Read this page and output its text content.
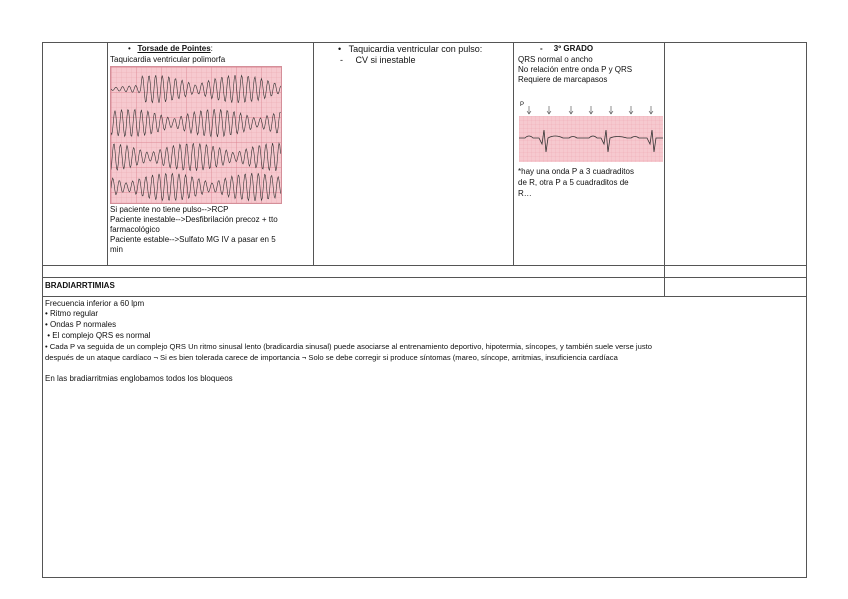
•   Torsade de Pointes:
Taquicardia ventricular polimorfa
Si paciente no tiene pulso-->RCP
Paciente inestable-->Desfibrilación precoz + tto
farmacológico
Paciente estable-->Sulfato MG IV a pasar en 5
min
•   Taquicardia ventricular con pulso:
-     CV si inestable
-     3º GRADO
QRS normal o ancho
No relación entre onda P y QRS
Requiere de marcapasos
P
*hay una onda P a 3 cuadraditos
de R, otra P a 5 cuadraditos de
R…
BRADIARRTIMIAS
Frecuencia inferior a 60 lpm
• Ritmo regular
• Ondas P normales
• El complejo QRS es normal
• Cada P va seguida de un complejo QRS Un ritmo sinusal lento (bradicardia sinusal) puede asociarse al entrenamiento deportivo, hipotermia, síncopes, y también suele verse justo
después de un ataque cardíaco ¬ Si es bien tolerada carece de importancia ¬ Solo se debe corregir si produce síntomas (mareo, síncope, arritmias, insuficiencia cardíaca
En las bradiarritmias englobamos todos los bloqueos
